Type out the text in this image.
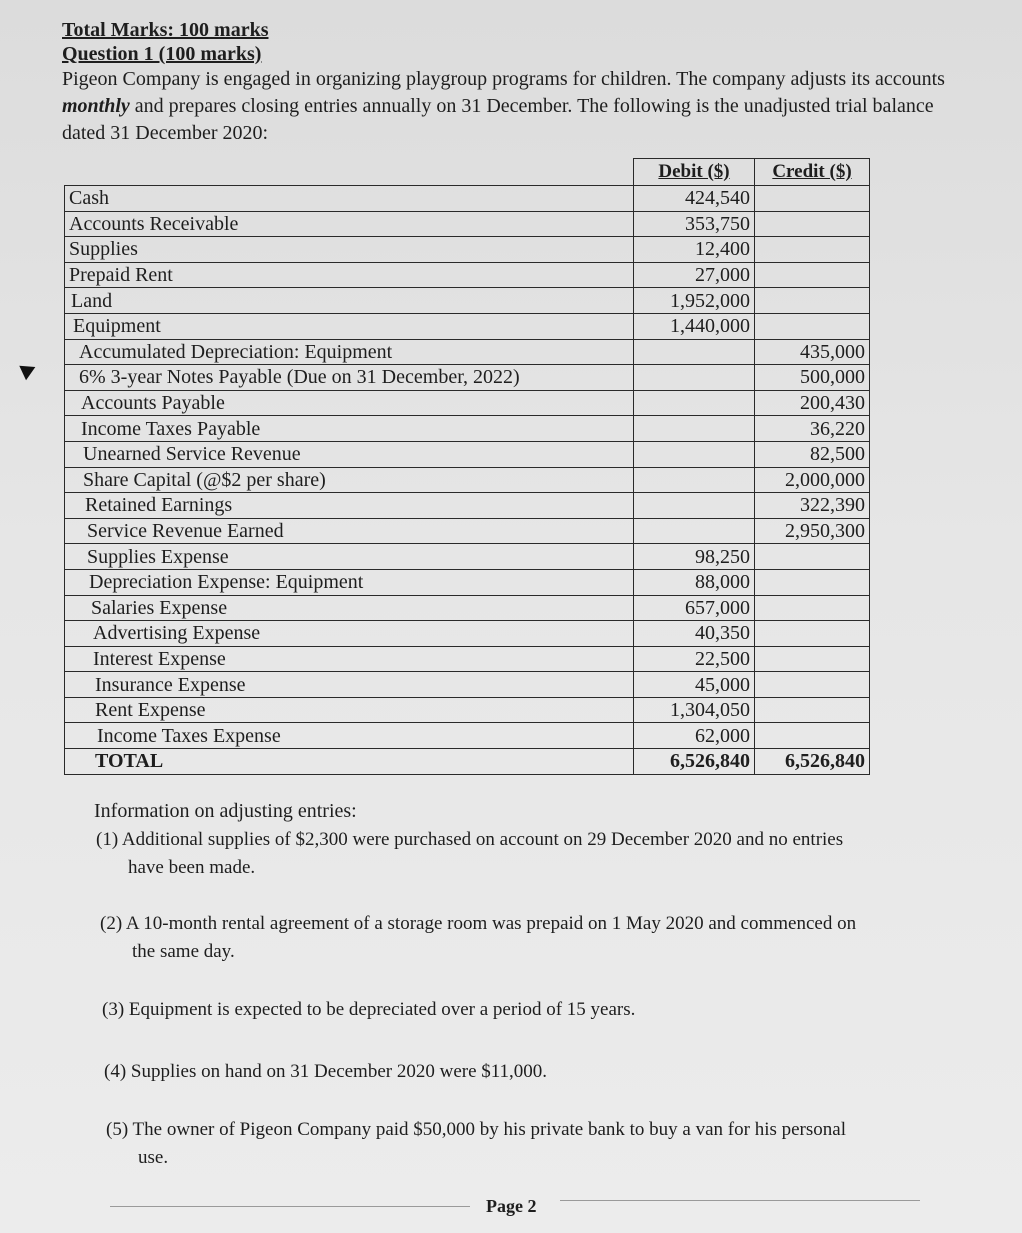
Total Marks: 100 marks
Question 1 (100 marks)
Pigeon Company is engaged in organizing playgroup programs for children. The company adjusts its accounts monthly and prepares closing entries annually on 31 December. The following is the unadjusted trial balance dated 31 December 2020:
	Debit ($)	Credit ($)
Cash	424,540	
Accounts Receivable	353,750	
Supplies	12,400	
Prepaid Rent	27,000	
Land	1,952,000	
Equipment	1,440,000	
Accumulated Depreciation: Equipment		435,000
6% 3-year Notes Payable (Due on 31 December, 2022)		500,000
Accounts Payable		200,430
Income Taxes Payable		36,220
Unearned Service Revenue		82,500
Share Capital (@$2 per share)		2,000,000
Retained Earnings		322,390
Service Revenue Earned		2,950,300
Supplies Expense	98,250	
Depreciation Expense: Equipment	88,000	
Salaries Expense	657,000	
Advertising Expense	40,350	
Interest Expense	22,500	
Insurance Expense	45,000	
Rent Expense	1,304,050	
Income Taxes Expense	62,000	
TOTAL	6,526,840	6,526,840
Information on adjusting entries:
(1) Additional supplies of $2,300 were purchased on account on 29 December 2020 and no entries
have been made.
(2) A 10-month rental agreement of a storage room was prepaid on 1 May 2020 and commenced on
the same day.
(3) Equipment is expected to be depreciated over a period of 15 years.
(4) Supplies on hand on 31 December 2020 were $11,000.
(5) The owner of Pigeon Company paid $50,000 by his private bank to buy a van for his personal
use.
Page 2
